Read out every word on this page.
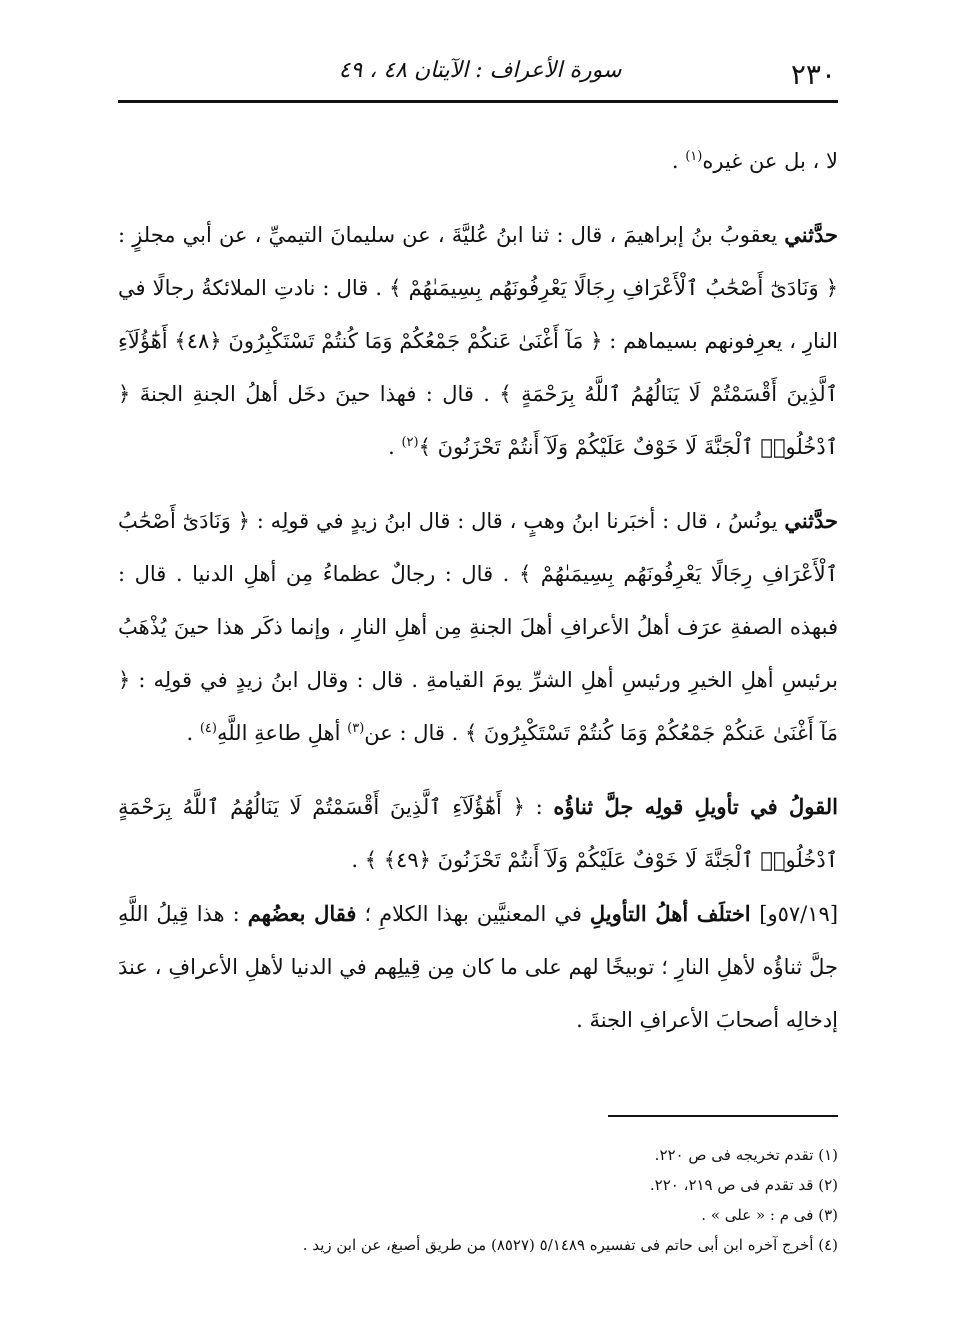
٢٣٠
سورة الأعراف : الآيتان ٤٨ ، ٤٩

لا ، بل عن غيره$^{(١)}$ .

حدَّثني يعقوبُ بنُ إبراهيمَ ، قال : ثنا ابنُ عُليَّةَ ، عن سليمانَ التيميِّ ، عن أبي مجلزٍ : ﴿ وَنَادَىٰٓ أَصْحَٰبُ ٱلْأَعْرَافِ رِجَالًا يَعْرِفُونَهُم بِسِيمَىٰهُمْ ﴾ . قال : نادتِ الملائكةُ رجالًا في النارِ ، يعرِفونهم بسيماهم : ﴿ مَآ أَغْنَىٰ عَنكُمْ جَمْعُكُمْ وَمَا كُنتُمْ تَسْتَكْبِرُونَ ﴿٤٨﴾ أَهَٰٓؤُلَآءِ ٱلَّذِينَ أَقْسَمْتُمْ لَا يَنَالُهُمُ ٱللَّهُ بِرَحْمَةٍ ﴾ . قال : فهذا حينَ دخَل أهلُ الجنةِ الجنةَ ﴿ ٱدْخُلُوا۟ ٱلْجَنَّةَ لَا خَوْفٌ عَلَيْكُمْ وَلَآ أَنتُمْ تَحْزَنُونَ ﴾$^{(٢)}$ .

حدَّثني يونُسُ ، قال : أخبَرنا ابنُ وهبٍ ، قال : قال ابنُ زيدٍ في قولِه : ﴿ وَنَادَىٰٓ أَصْحَٰبُ ٱلْأَعْرَافِ رِجَالًا يَعْرِفُونَهُم بِسِيمَىٰهُمْ ﴾ . قال : رجالٌ عظماءُ مِن أهلِ الدنيا . قال : فبهذه الصفةِ عرَف أهلُ الأعرافِ أهلَ الجنةِ مِن أهلِ النارِ ، وإنما ذكَر هذا حينَ يُذْهَبُ برئيسِ أهلِ الخيرِ ورئيسِ أهلِ الشرِّ يومَ القيامةِ . قال : وقال ابنُ زيدٍ في قولِه : ﴿ مَآ أَغْنَىٰ عَنكُمْ جَمْعُكُمْ وَمَا كُنتُمْ تَسْتَكْبِرُونَ ﴾ . قال : عن$^{(٣)}$ أهلِ طاعةِ اللَّهِ$^{(٤)}$ .

القولُ في تأويلِ قولِه جلَّ ثناؤُه : ﴿ أَهَٰٓؤُلَآءِ ٱلَّذِينَ أَقْسَمْتُمْ لَا يَنَالُهُمُ ٱللَّهُ بِرَحْمَةٍ ٱدْخُلُوا۟ ٱلْجَنَّةَ لَا خَوْفٌ عَلَيْكُمْ وَلَآ أَنتُمْ تَحْزَنُونَ ﴿٤٩﴾ ﴾ .

[٥٧/١٩و] اختلَف أهلُ التأويلِ في المعنيَّين بهذا الكلامِ ؛ فقال بعضُهم : هذا قِيلُ اللَّهِ جلَّ ثناؤُه لأهلِ النارِ ؛ توبيخًا لهم على ما كان مِن قِيلِهم في الدنيا لأهلِ الأعرافِ ، عندَ إدخالِه أصحابَ الأعرافِ الجنةَ .

(١) تقدم تخريجه فى ص ٢٢٠.
(٢) قد تقدم فى ص ٢١٩، ٢٢٠.
(٣) فى م : « على » .
(٤) أخرج آخره ابن أبى حاتم فى تفسيره ٥/١٤٨٩ (٨٥٢٧) من طريق أصبغ، عن ابن زيد .
